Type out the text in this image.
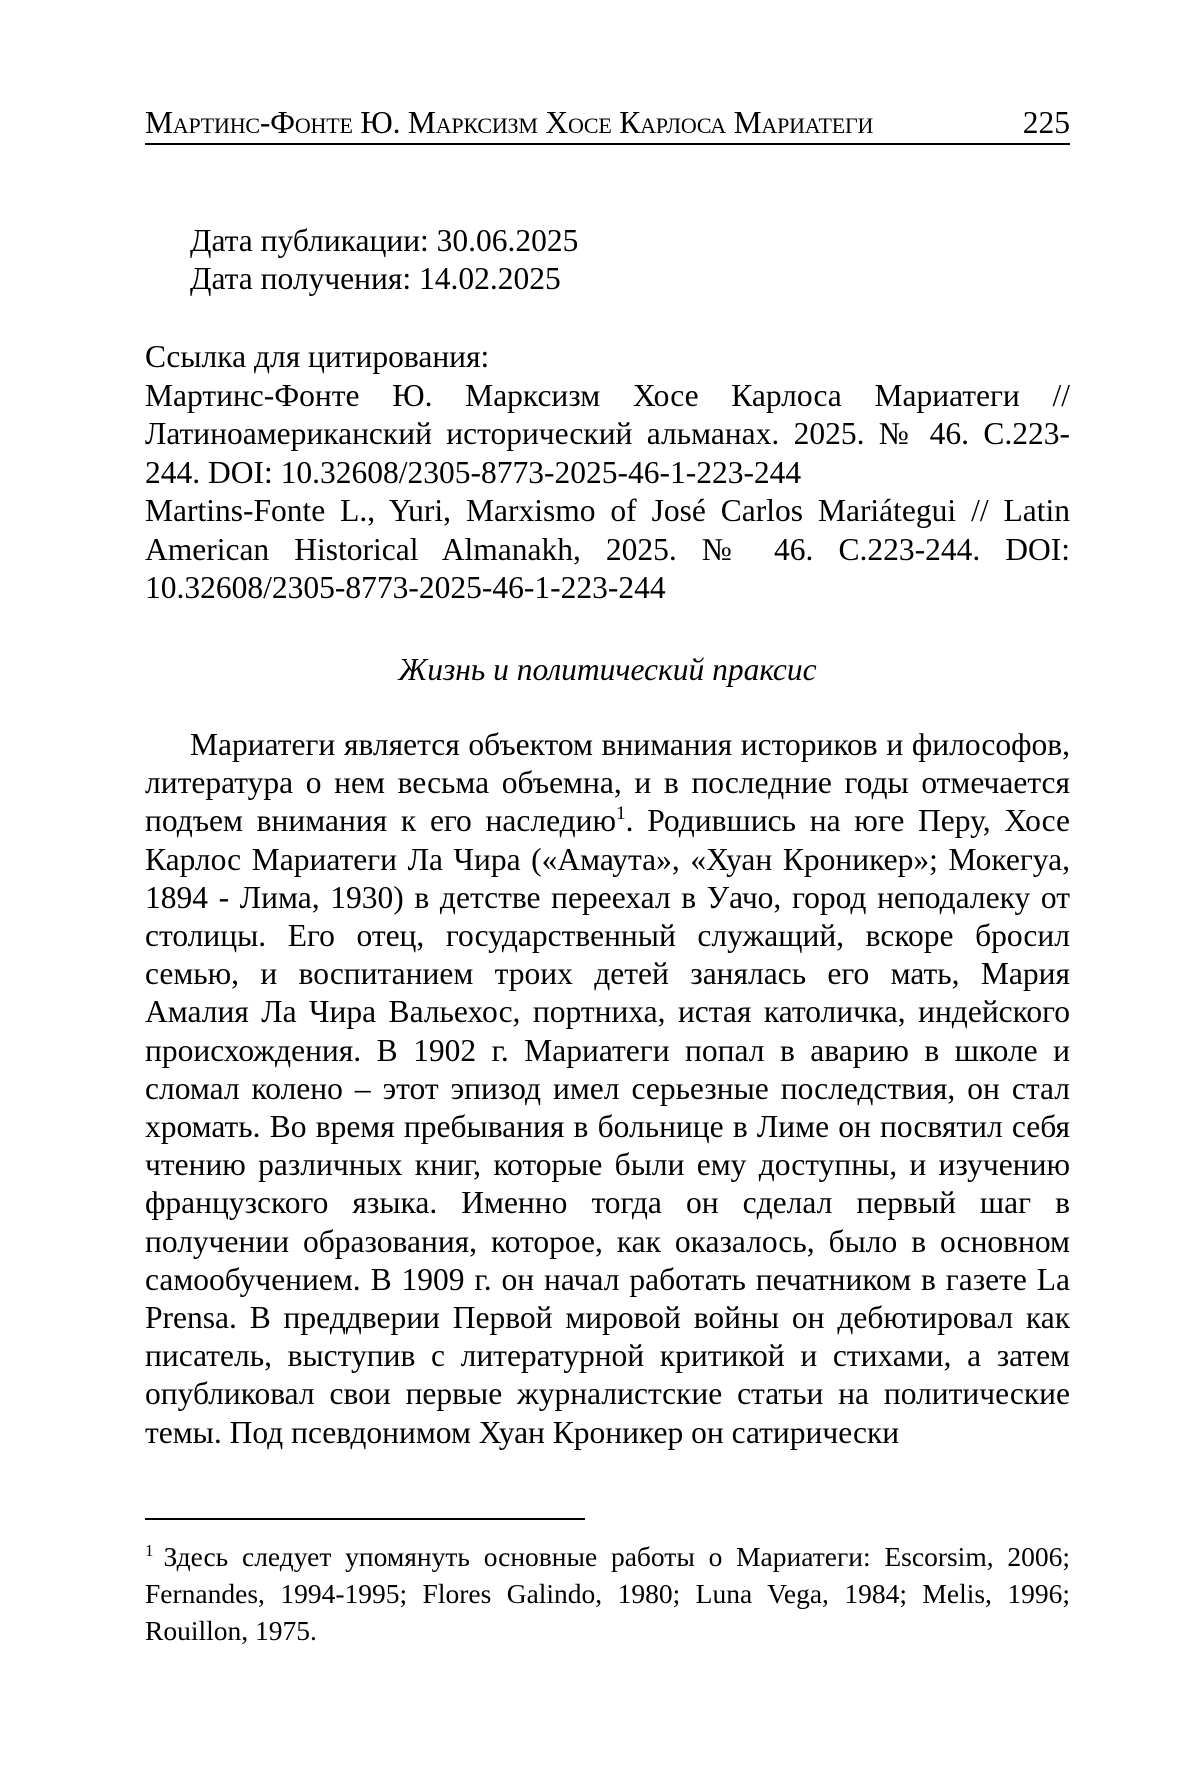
Мартинс-Фонте Ю. Марксизм Хосе Карлоса Мариатеги	225
Дата публикации: 30.06.2025
Дата получения: 14.02.2025

Ссылка для цитирования:

Мартинс-Фонте Ю. Марксизм Хосе Карлоса Мариатеги // Латиноамериканский исторический альманах. 2025. № 46. С.223-244. DOI: 10.32608/2305-8773-2025-46-1-223-244

Martins-Fonte L., Yuri, Marxismo of José Carlos Mariátegui // Latin American Historical Almanakh, 2025. № 46. С.223-244. DOI: 10.32608/2305-8773-2025-46-1-223-244

Жизнь и политический праксис

Мариатеги является объектом внимания историков и философов, литература о нем весьма объемна, и в последние годы отмечается подъем внимания к его наследию$^1$. Родившись на юге Перу, Хосе Карлос Мариатеги Ла Чира («Амаута», «Хуан Кроникер»; Мокегуа, 1894 - Лима, 1930) в детстве переехал в Уачо, город неподалеку от столицы. Его отец, государственный служащий, вскоре бросил семью, и воспитанием троих детей занялась его мать, Мария Амалия Ла Чира Вальехос, портниха, истая католичка, индейского происхождения. В 1902 г. Мариатеги попал в аварию в школе и сломал колено – этот эпизод имел серьезные последствия, он стал хромать. Во время пребывания в больнице в Лиме он посвятил себя чтению различных книг, которые были ему доступны, и изучению французского языка. Именно тогда он сделал первый шаг в получении образования, которое, как оказалось, было в основном самообучением. В 1909 г. он начал работать печатником в газете La Prensa. В преддверии Первой мировой войны он дебютировал как писатель, выступив с литературной критикой и стихами, а затем опубликовал свои первые журналистские статьи на политические темы. Под псевдонимом Хуан Кроникер он сатирически

$^1$ Здесь следует упомянуть основные работы о Мариатеги: Escorsim, 2006; Fernandes, 1994-1995; Flores Galindo, 1980; Luna Vega, 1984; Melis, 1996; Rouillon, 1975.
